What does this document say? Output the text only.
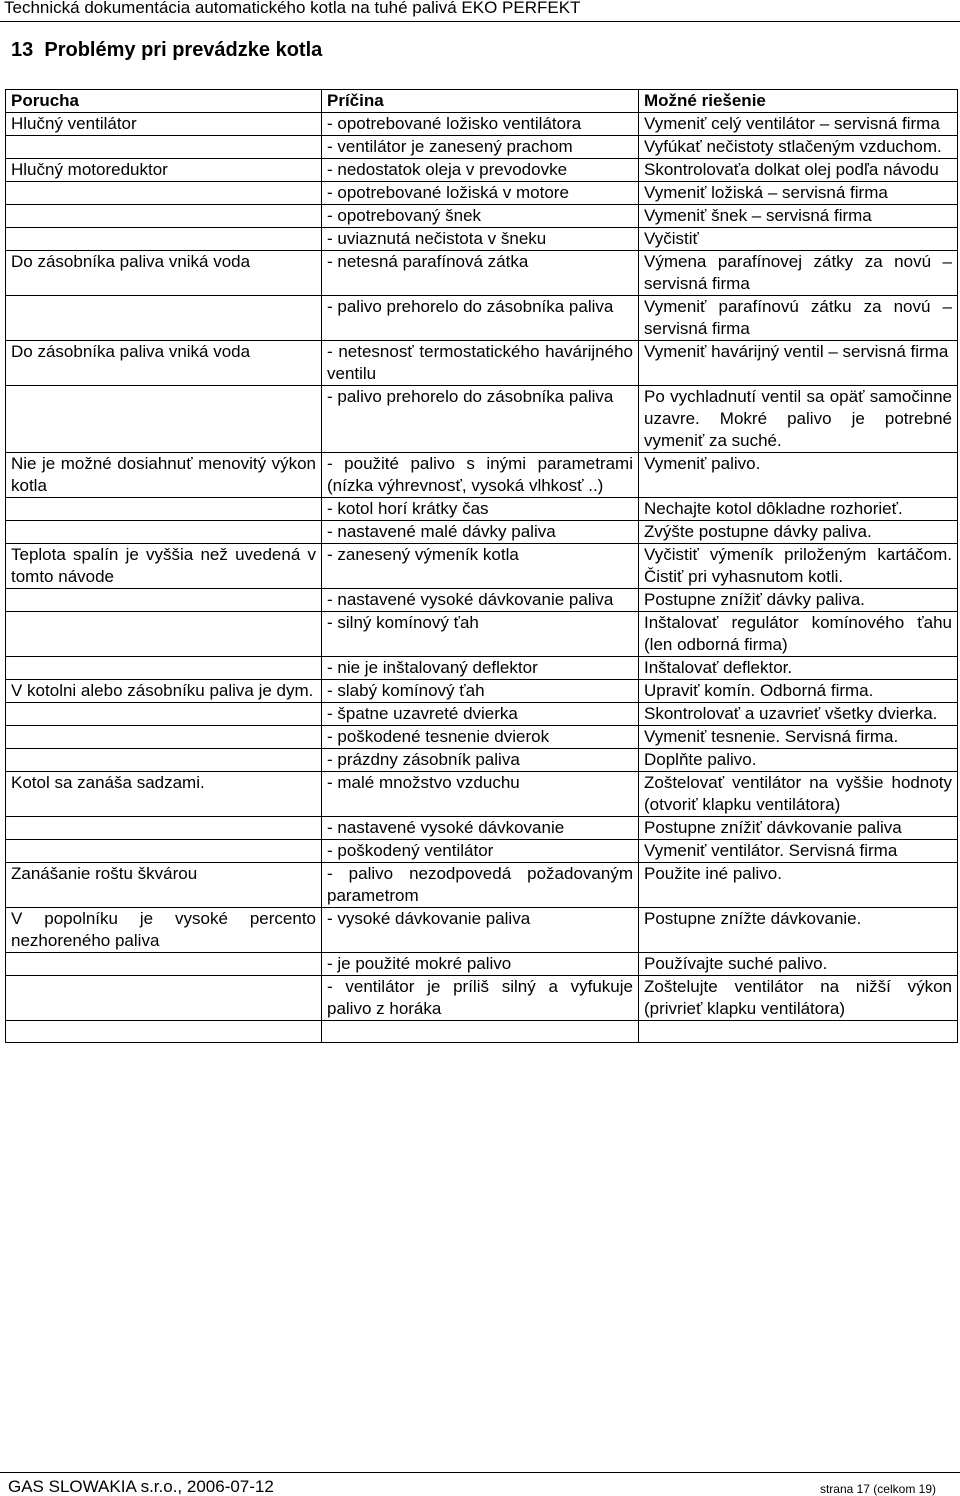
Technická dokumentácia automatického kotla na tuhé palivá EKO PERFEKT
13 Problémy pri prevádzke kotla
Porucha	Príčina	Možné riešenie
Hlučný ventilátor	- opotrebované ložisko ventilátora	Vymeniť celý ventilátor – servisná firma
	- ventilátor je zanesený prachom	Vyfúkať nečistoty stlačeným vzduchom.
Hlučný motoreduktor	- nedostatok oleja v prevodovke	Skontrolovaťa dolkat olej podľa návodu
	- opotrebované ložiská v motore	Vymeniť ložiská – servisná firma
	- opotrebovaný šnek	Vymeniť šnek – servisná firma
	- uviaznutá nečistota v šneku	Vyčistiť
Do zásobníka paliva vniká voda	- netesná parafínová zátka	Výmena parafínovej zátky za novú – servisná firma
	- palivo prehorelo do zásobníka paliva	Vymeniť parafínovú zátku za novú – servisná firma
Do zásobníka paliva vniká voda	- netesnosť termostatického havárijného ventilu	Vymeniť havárijný ventil – servisná firma
	- palivo prehorelo do zásobníka paliva	Po vychladnutí ventil sa opäť samočinne uzavre. Mokré palivo je potrebné vymeniť za suché.
Nie je možné dosiahnuť menovitý výkon kotla	- použité palivo s inými parametrami (nízka výhrevnosť, vysoká vlhkosť ..)	Vymeniť palivo.
	- kotol horí krátky čas	Nechajte kotol dôkladne rozhorieť.
	- nastavené malé dávky paliva	Zvýšte postupne dávky paliva.
Teplota spalín je vyššia než uvedená v tomto návode	- zanesený výmeník kotla	Vyčistiť výmeník priloženým kartáčom. Čistiť pri vyhasnutom kotli.
	- nastavené vysoké dávkovanie paliva	Postupne znížiť dávky paliva.
	- silný komínový ťah	Inštalovať regulátor komínového ťahu (len odborná firma)
	- nie je inštalovaný deflektor	Inštalovať deflektor.
V kotolni alebo zásobníku paliva je dym.	- slabý komínový ťah	Upraviť komín. Odborná firma.
	- špatne uzavreté dvierka	Skontrolovať a uzavrieť všetky dvierka.
	- poškodené tesnenie dvierok	Vymeniť tesnenie. Servisná firma.
	- prázdny zásobník paliva	Doplňte palivo.
Kotol sa zanáša sadzami.	- malé množstvo vzduchu	Zoštelovať ventilátor na vyššie hodnoty (otvoriť klapku ventilátora)
	- nastavené vysoké dávkovanie	Postupne znížiť dávkovanie paliva
	- poškodený ventilátor	Vymeniť ventilátor. Servisná firma
Zanášanie roštu škvárou	- palivo nezodpovedá požadovaným parametrom	Použite iné palivo.
V popolníku je vysoké percento nezhoreného paliva	- vysoké dávkovanie paliva	Postupne znížte dávkovanie.
	- je použité mokré palivo	Používajte suché palivo.
	- ventilátor je príliš silný a vyfukuje palivo z horáka	Zoštelujte ventilátor na nižší výkon (privrieť klapku ventilátora)

GAS SLOWAKIA s.r.o., 2006-07-12	strana 17 (celkom 19)
